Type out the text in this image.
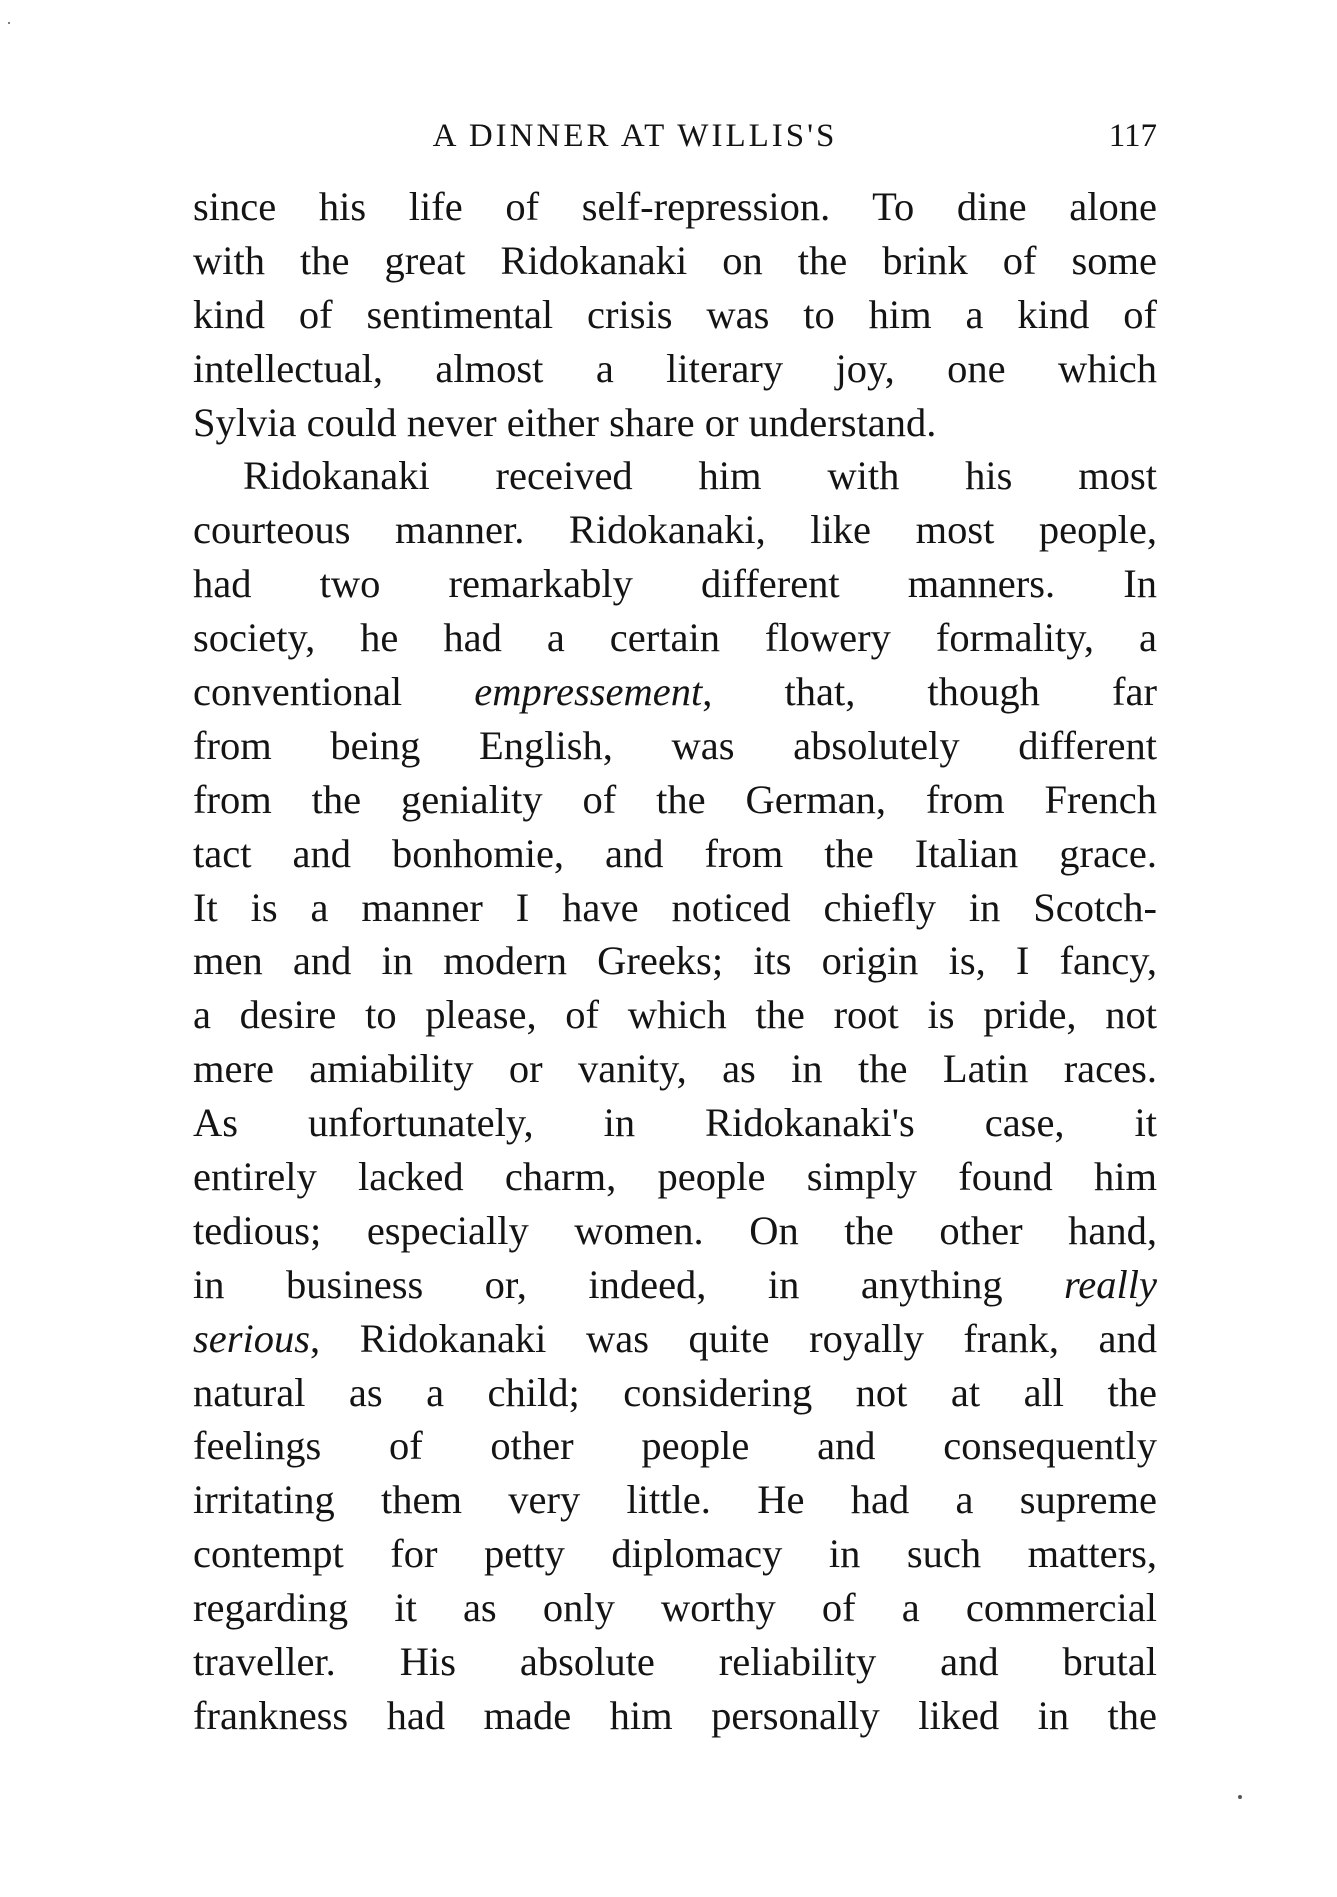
A DINNER AT WILLIS'S	117
since his life of self-repression. To dine alone
with the great Ridokanaki on the brink of some
kind of sentimental crisis was to him a kind of
intellectual, almost a literary joy, one which
Sylvia could never either share or understand.
Ridokanaki received him with his most
courteous manner. Ridokanaki, like most people,
had two remarkably different manners. In
society, he had a certain flowery formality, a
conventional empressement, that, though far
from being English, was absolutely different
from the geniality of the German, from French
tact and bonhomie, and from the Italian grace.
It is a manner I have noticed chiefly in Scotch-
men and in modern Greeks; its origin is, I fancy,
a desire to please, of which the root is pride, not
mere amiability or vanity, as in the Latin races.
As unfortunately, in Ridokanaki's case, it
entirely lacked charm, people simply found him
tedious; especially women. On the other hand,
in business or, indeed, in anything really
serious, Ridokanaki was quite royally frank, and
natural as a child; considering not at all the
feelings of other people and consequently
irritating them very little. He had a supreme
contempt for petty diplomacy in such matters,
regarding it as only worthy of a commercial
traveller. His absolute reliability and brutal
frankness had made him personally liked in the
